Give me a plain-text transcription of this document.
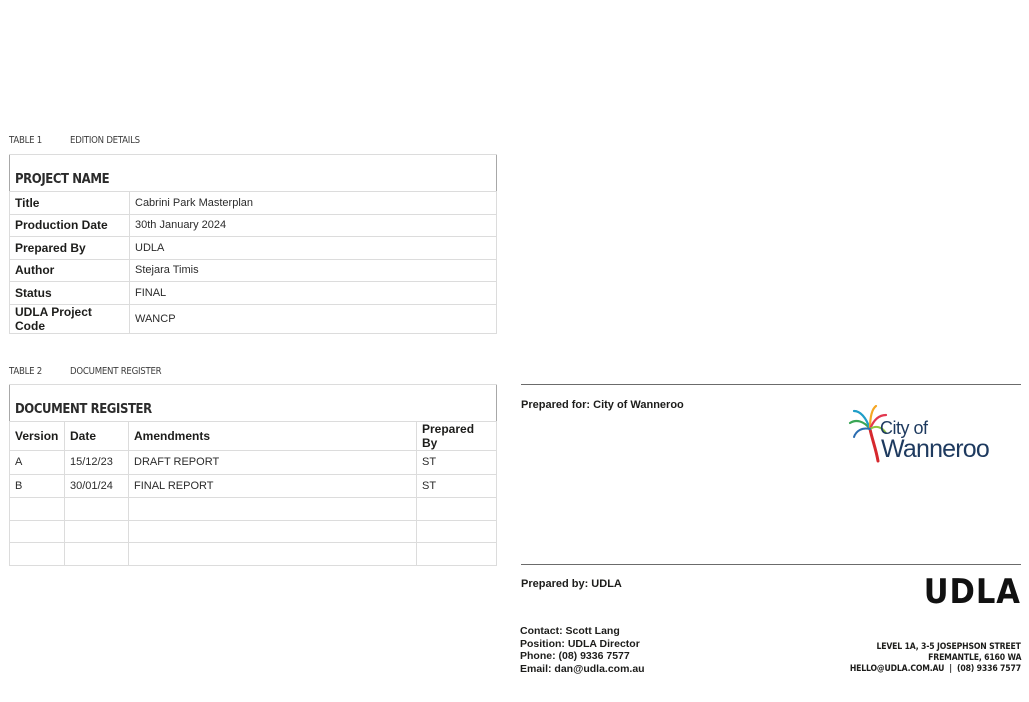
TABLE 1	EDITION DETAILS
PROJECT NAME	
Title	Cabrini Park Masterplan
Production Date	30th January 2024
Prepared By	UDLA
Author	Stejara Timis
Status	FINAL
UDLA Project Code	WANCP
TABLE 2	DOCUMENT REGISTER
DOCUMENT REGISTER			
Version	Date	Amendments	Prepared By
A	15/12/23	DRAFT REPORT	ST
B	30/01/24	FINAL REPORT	ST

Prepared for: City of Wanneroo
City of
Wanneroo
Prepared by: UDLA	UDLA
Contact: Scott Lang
Position: UDLA Director
Phone: (08) 9336 7577
Email: dan@udla.com.au
LEVEL 1A, 3-5 JOSEPHSON STREET
FREMANTLE, 6160 WA
HELLO@UDLA.COM.AU  |  (08) 9336 7577
